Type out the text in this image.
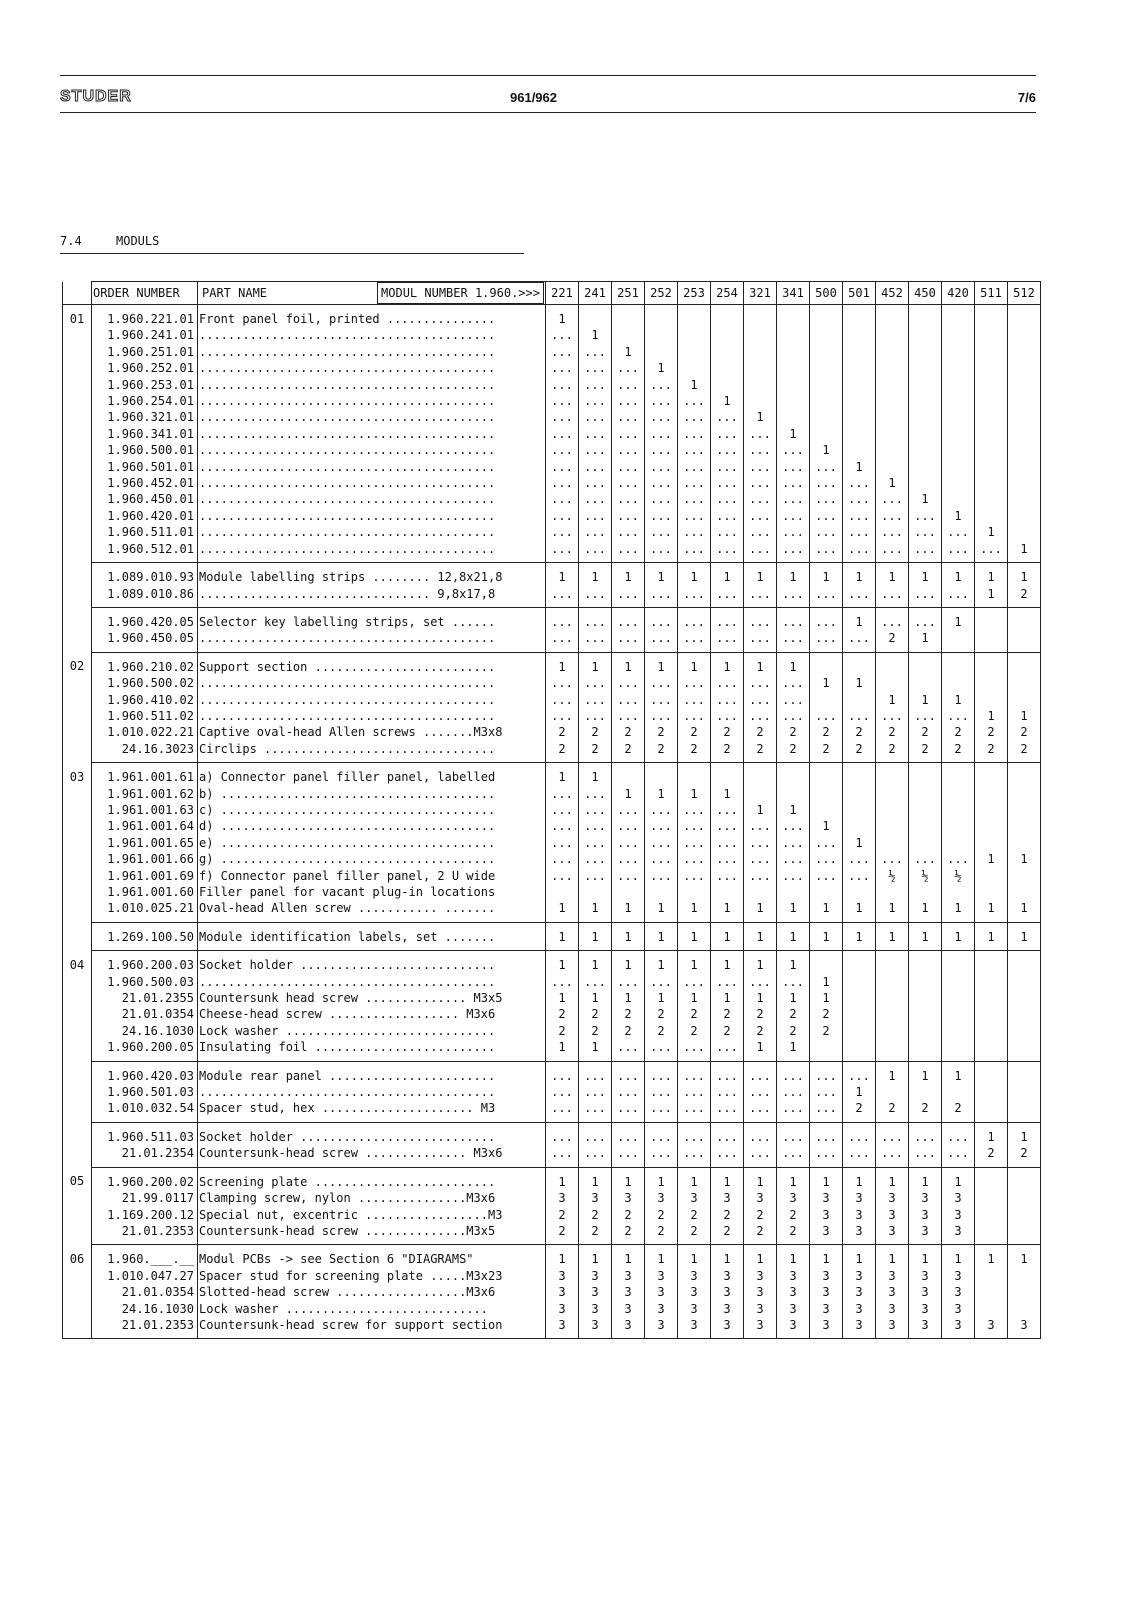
STUDER	961/962	7/6
7.4	MODULS
	ORDER NUMBER	PART NAME MODUL NUMBER 1.960.>>>	221	241	251	252	253	254	321	341	500	501	452	450	420	511	512
01	1.960.221.01	Front panel foil, printed ...............	1														
	1.960.241.01	.........................................	...	1													
	1.960.251.01	.........................................	...	...	1												
	1.960.252.01	.........................................	...	...	...	1											
	1.960.253.01	.........................................	...	...	...	...	1										
	1.960.254.01	.........................................	...	...	...	...	...	1									
	1.960.321.01	.........................................	...	...	...	...	...	...	1								
	1.960.341.01	.........................................	...	...	...	...	...	...	...	1							
	1.960.500.01	.........................................	...	...	...	...	...	...	...	...	1						
	1.960.501.01	.........................................	...	...	...	...	...	...	...	...	...	1					
	1.960.452.01	.........................................	...	...	...	...	...	...	...	...	...	...	1				
	1.960.450.01	.........................................	...	...	...	...	...	...	...	...	...	...	...	1			
	1.960.420.01	.........................................	...	...	...	...	...	...	...	...	...	...	...	...	1		
	1.960.511.01	.........................................	...	...	...	...	...	...	...	...	...	...	...	...	...	1	
	1.960.512.01	.........................................	...	...	...	...	...	...	...	...	...	...	...	...	...	...	1
	1.089.010.93	Module labelling strips ........ 12,8x21,8	1	1	1	1	1	1	1	1	1	1	1	1	1	1	1
	1.089.010.86	................................ 9,8x17,8	...	...	...	...	...	...	...	...	...	...	...	...	...	1	2
	1.960.420.05	Selector key labelling strips, set ......	...	...	...	...	...	...	...	...	...	1	...	...	1		
	1.960.450.05	.........................................	...	...	...	...	...	...	...	...	...	...	2	1			
02	1.960.210.02	Support section .........................	1	1	1	1	1	1	1	1							
	1.960.500.02	.........................................	...	...	...	...	...	...	...	...	1	1					
	1.960.410.02	.........................................	...	...	...	...	...	...	...	...			1	1	1		
	1.960.511.02	.........................................	...	...	...	...	...	...	...	...	...	...	...	...	...	1	1
	1.010.022.21	Captive oval-head Allen screws .......M3x8	2	2	2	2	2	2	2	2	2	2	2	2	2	2	2
	24.16.3023	Circlips ................................	2	2	2	2	2	2	2	2	2	2	2	2	2	2	2
03	1.961.001.61	a) Connector panel filler panel, labelled	1	1													
	1.961.001.62	b) ......................................	...	...	1	1	1	1									
	1.961.001.63	c) ......................................	...	...	...	...	...	...	1	1							
	1.961.001.64	d) ......................................	...	...	...	...	...	...	...	...	1						
	1.961.001.65	e) ......................................	...	...	...	...	...	...	...	...	...	1					
	1.961.001.66	g) ......................................	...	...	...	...	...	...	...	...	...	...	...	...	...	1	1
	1.961.001.69	f) Connector panel filler panel, 2 U wide	...	...	...	...	...	...	...	...	...	...	½	½	½		
	1.961.001.60	Filler panel for vacant plug-in locations															
	1.010.025.21	Oval-head Allen screw ........... .......	1	1	1	1	1	1	1	1	1	1	1	1	1	1	1
	1.269.100.50	Module identification labels, set .......	1	1	1	1	1	1	1	1	1	1	1	1	1	1	1
04	1.960.200.03	Socket holder ...........................	1	1	1	1	1	1	1	1							
	1.960.500.03	.........................................	...	...	...	...	...	...	...	...	1						
	21.01.2355	Countersunk head screw .............. M3x5	1	1	1	1	1	1	1	1	1						
	21.01.0354	Cheese-head screw .................. M3x6	2	2	2	2	2	2	2	2	2						
	24.16.1030	Lock washer .............................	2	2	2	2	2	2	2	2	2						
	1.960.200.05	Insulating foil .........................	1	1	...	...	...	...	1	1							
	1.960.420.03	Module rear panel .......................	...	...	...	...	...	...	...	...	...	...	1	1	1		
	1.960.501.03	.........................................	...	...	...	...	...	...	...	...	...	1					
	1.010.032.54	Spacer stud, hex ..................... M3	...	...	...	...	...	...	...	...	...	2	2	2	2		
	1.960.511.03	Socket holder ...........................	...	...	...	...	...	...	...	...	...	...	...	...	...	1	1
	21.01.2354	Countersunk-head screw .............. M3x6	...	...	...	...	...	...	...	...	...	...	...	...	...	2	2
05	1.960.200.02	Screening plate .........................	1	1	1	1	1	1	1	1	1	1	1	1	1		
	21.99.0117	Clamping screw, nylon ...............M3x6	3	3	3	3	3	3	3	3	3	3	3	3	3		
	1.169.200.12	Special nut, excentric .................M3	2	2	2	2	2	2	2	2	3	3	3	3	3		
	21.01.2353	Countersunk-head screw ..............M3x5	2	2	2	2	2	2	2	2	3	3	3	3	3		
06	1.960.___.__	Modul PCBs -> see Section 6 "DIAGRAMS"	1	1	1	1	1	1	1	1	1	1	1	1	1	1	1
	1.010.047.27	Spacer stud for screening plate .....M3x23	3	3	3	3	3	3	3	3	3	3	3	3	3		
	21.01.0354	Slotted-head screw ..................M3x6	3	3	3	3	3	3	3	3	3	3	3	3	3		
	24.16.1030	Lock washer ............................	3	3	3	3	3	3	3	3	3	3	3	3	3		
	21.01.2353	Countersunk-head screw for support section	3	3	3	3	3	3	3	3	3	3	3	3	3	3	3
